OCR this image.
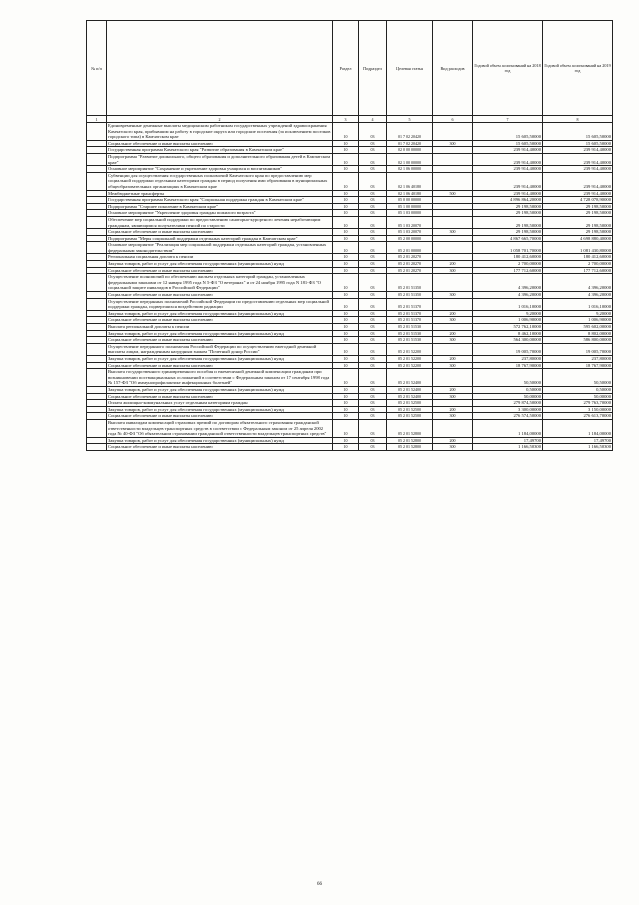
№ п/п		Раздел	Подраздел	Целевая статья	Вид расходов	Годовой объем ассигнований на 2018 год	Годовой объем ассигнований на 2019 год
1	2	3	4	5	6	7	8
	Единовременные денежные выплаты медицинским работникам государственных учреждений здравоохранения Камчатского края, прибывшим на работу в городские округа или городские поселения (за исключением поселков городского типа) в Камчатском крае	10	03	01 7 02 20420		15 605,50000	15 605,50000
	Социальное обеспечение и иные выплаты населению	10	03	01 7 02 20420	300	15 605,50000	15 605,50000
	Государственная программа Камчатского края "Развитие образования в Камчатском крае"	10	03	02 0 00 00000		239 914,40000	239 914,40000
	Подпрограмма "Развитие дошкольного, общего образования и дополнительного образования детей в Камчатском крае"	10	03	02 1 00 00000		239 914,40000	239 914,40000
	Основное мероприятие "Сохранение и укрепление здоровья учащихся и воспитанников"	10	03	02 1 06 00000		239 914,40000	239 914,40000
	Субвенции для осуществления государственных полномочий Камчатского края по предоставлению мер социальной поддержки отдельным категориям граждан в период получения ими образования в муниципальных общеобразовательных организациях в Камчатском крае	10	03	02 1 06 40180		239 914,40000	239 914,40000
	Межбюджетные трансферты	10	03	02 1 06 40180	500	239 914,40000	239 914,40000
	Государственная программа Камчатского края "Социальная поддержка граждан в Камчатском крае"	10	03	05 0 00 00000		4 896 864,20000	4 728 078,90000
	Подпрограмма "Старшее поколение в Камчатском крае"	10	03	05 1 00 00000		29 198,50000	29 198,50000
	Основное мероприятие "Укрепление здоровья граждан пожилого возраста"	10	03	05 1 03 00000		29 198,50000	29 198,50000
	Обеспечение мер социальной поддержки по предоставлению санаторно-курортного лечения неработающим гражданам, являющимся получателями пенсий по старости	10	03	05 1 03 20070		29 198,50000	29 198,50000
	Социальное обеспечение и иные выплаты населению	10	03	05 1 03 20070	300	29 198,50000	29 198,50000
	Подпрограмма "Меры социальной поддержки отдельных категорий граждан в Камчатском крае"	10	03	05 2 00 00000		4 867 665,70000	4 698 880,40000
	Основное мероприятие "Реализация мер социальной поддержки отдельных категорий граждан, установленных федеральным законодательством"	10	03	05 2 01 00000		1 058 701,70000	1 081 430,80000
	Региональная социальная доплата к пенсии	10	03	05 2 01 20270		180 412,60000	180 412,60000
	Закупка товаров, работ и услуг для обеспечения государственных (муниципальных) нужд	10	03	05 2 01 20270	200	2 700,00000	2 700,00000
	Социальное обеспечение и иные выплаты населению	10	03	05 2 01 20270	300	177 712,60000	177 712,60000
	Осуществление полномочий по обеспечению жильем отдельных категорий граждан, установленных федеральными законами от 12 января 1995 года N 5-ФЗ "О ветеранах" и от 24 ноября 1995 года N 181-ФЗ "О социальной защите инвалидов в Российской Федерации"	10	03	05 2 01 51350		4 396,20000	4 396,20000
	Социальное обеспечение и иные выплаты населению	10	03	05 2 01 51350	300	4 396,20000	4 396,20000
	Осуществление переданных полномочий Российской Федерации по предоставлению отдельных мер социальной поддержки граждан, подвергшихся воздействию радиации	10	03	05 2 01 51370		1 016,10000	1 016,10000
	Закупка товаров, работ и услуг для обеспечения государственных (муниципальных) нужд	10	03	05 2 01 51370	200	9,20000	9,20000
	Социальное обеспечение и иные выплаты населению	10	03	05 2 01 51370	300	1 006,90000	1 006,90000
	Выплата региональной доплаты к пенсии	10	03	05 2 01 51530		572 762,10000	595 602,00000
	Закупка товаров, работ и услуг для обеспечения государственных (муниципальных) нужд	10	03	05 2 01 51530	200	8 462,10000	8 802,00000
	Социальное обеспечение и иные выплаты населению	10	03	05 2 01 51530	300	564 300,00000	586 800,00000
	Осуществление переданного полномочия Российской Федерации по осуществлению ежегодной денежной выплаты лицам, награжденным нагрудным знаком "Почетный донор России"	10	03	05 2 01 52200		19 005,70000	19 005,70000
	Закупка товаров, работ и услуг для обеспечения государственных (муниципальных) нужд	10	03	05 2 01 52200	200	237,80000	237,80000
	Социальное обеспечение и иные выплаты населению	10	03	05 2 01 52200	300	18 767,90000	18 767,90000
	Выплата государственного единовременного пособия и ежемесячной денежной компенсации гражданам при возникновении поствакцинальных осложнений в соответствии с Федеральным законом от 17 сентября 1998 года № 157-ФЗ "Об иммунопрофилактике инфекционных болезней"	10	03	05 2 01 52400		50,50000	50,50000
	Закупка товаров, работ и услуг для обеспечения государственных (муниципальных) нужд	10	03	05 2 01 52400	200	0,50000	0,50000
	Социальное обеспечение и иные выплаты населению	10	03	05 2 01 52400	300	50,00000	50,00000
	Оплата жилищно-коммунальных услуг отдельным категориям граждан	10	03	05 2 01 52500		279 874,50000	279 763,70000
	Закупка товаров, работ и услуг для обеспечения государственных (муниципальных) нужд	10	03	05 2 01 52500	200	3 300,00000	3 150,00000
	Социальное обеспечение и иные выплаты населению	10	03	05 2 01 52500	300	276 574,50000	276 613,70000
	Выплата инвалидам компенсаций страховых премий по договорам обязательного страхования гражданской ответственности владельцев транспортных средств в соответствии с Федеральным законом от 25 апреля 2002 года № 40-ФЗ "Об обязательном страховании гражданской ответственности владельцев транспортных средств"	10	03	05 2 01 52800		1 184,00000	1 184,00000
	Закупка товаров, работ и услуг для обеспечения государственных (муниципальных) нужд	10	03	05 2 01 52800	200	17,49700	17,49700
	Социальное обеспечение и иные выплаты населению	10	03	05 2 01 52800	300	1 166,50300	1 166,50300
66
